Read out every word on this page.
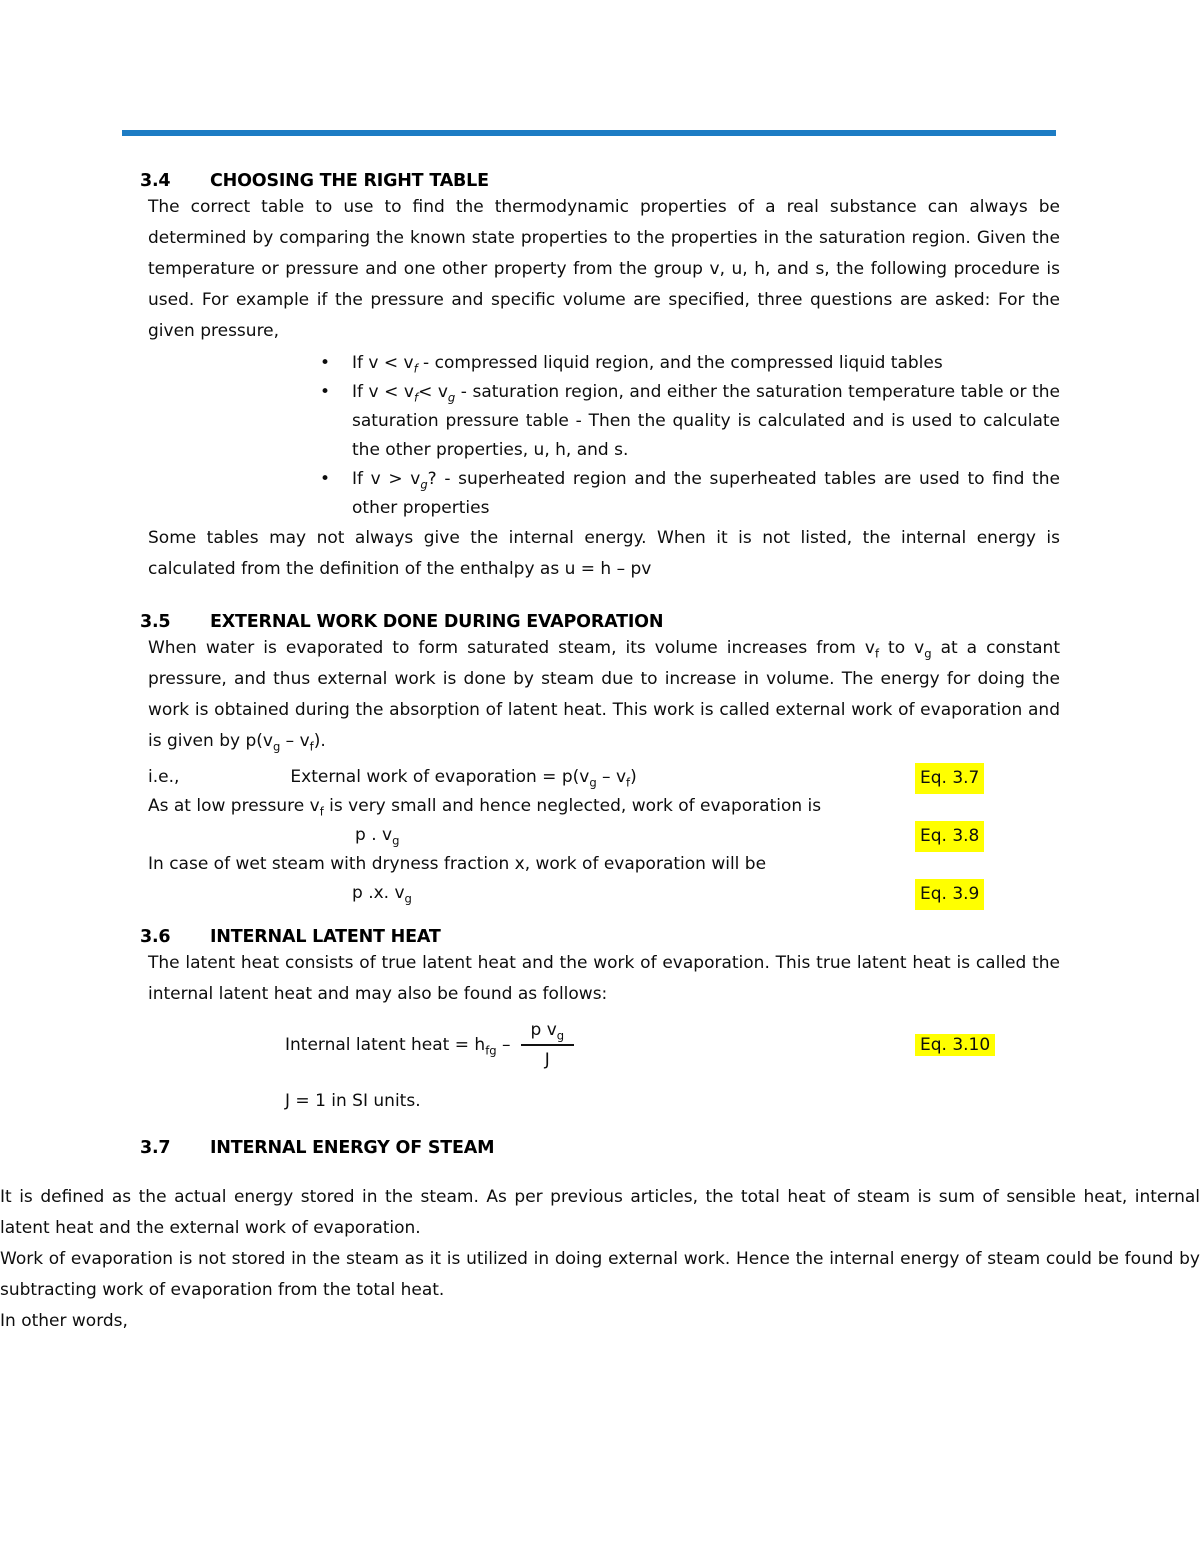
3.4	CHOOSING THE RIGHT TABLE

The correct table to use to find the thermodynamic properties of a real substance can always be determined by comparing the known state properties to the properties in the saturation region. Given the temperature or pressure and one other property from the group v, u, h, and s, the following procedure is used. For example if the pressure and specific volume are specified, three questions are asked: For the given pressure,

•
If $v < v_f$ - compressed liquid region, and the compressed liquid tables
•
If $v < v_f< v_g$ - saturation region, and either the saturation temperature table or the saturation pressure table - Then the quality is calculated and is used to calculate the other properties, u, h, and s.
•
If $v > v_g$? - superheated region and the superheated tables are used to find the other properties

Some tables may not always give the internal energy. When it is not listed, the internal energy is calculated from the definition of the enthalpy as u = h – pv

3.5	EXTERNAL WORK DONE DURING EVAPORATION

When water is evaporated to form saturated steam, its volume increases from $v_f$ to $v_g$ at a constant pressure, and thus external work is done by steam due to increase in volume. The energy for doing the work is obtained during the absorption of latent heat. This work is called external work of evaporation and is given by $p(v_g - v_f)$.

i.e.,	External work of evaporation = $p(v_g - v_f)$	Eq. 3.7
As at low pressure $v_f$ is very small and hence neglected, work of evaporation is
p . $v_g$	Eq. 3.8
In case of wet steam with dryness fraction x, work of evaporation will be
p .x. $v_g$	Eq. 3.9
3.6	INTERNAL LATENT HEAT

The latent heat consists of true latent heat and the work of evaporation. This true latent heat is called the internal latent heat and may also be found as follows:

Internal latent heat = $h_{fg} - \frac{p v_g}{J}$	Eq. 3.10

J = 1 in SI units.

3.7	INTERNAL ENERGY OF STEAM

It is defined as the actual energy stored in the steam. As per previous articles, the total heat of steam is sum of sensible heat, internal latent heat and the external work of evaporation.

Work of evaporation is not stored in the steam as it is utilized in doing external work. Hence the internal energy of steam could be found by subtracting work of evaporation from the total heat.

In other words,
